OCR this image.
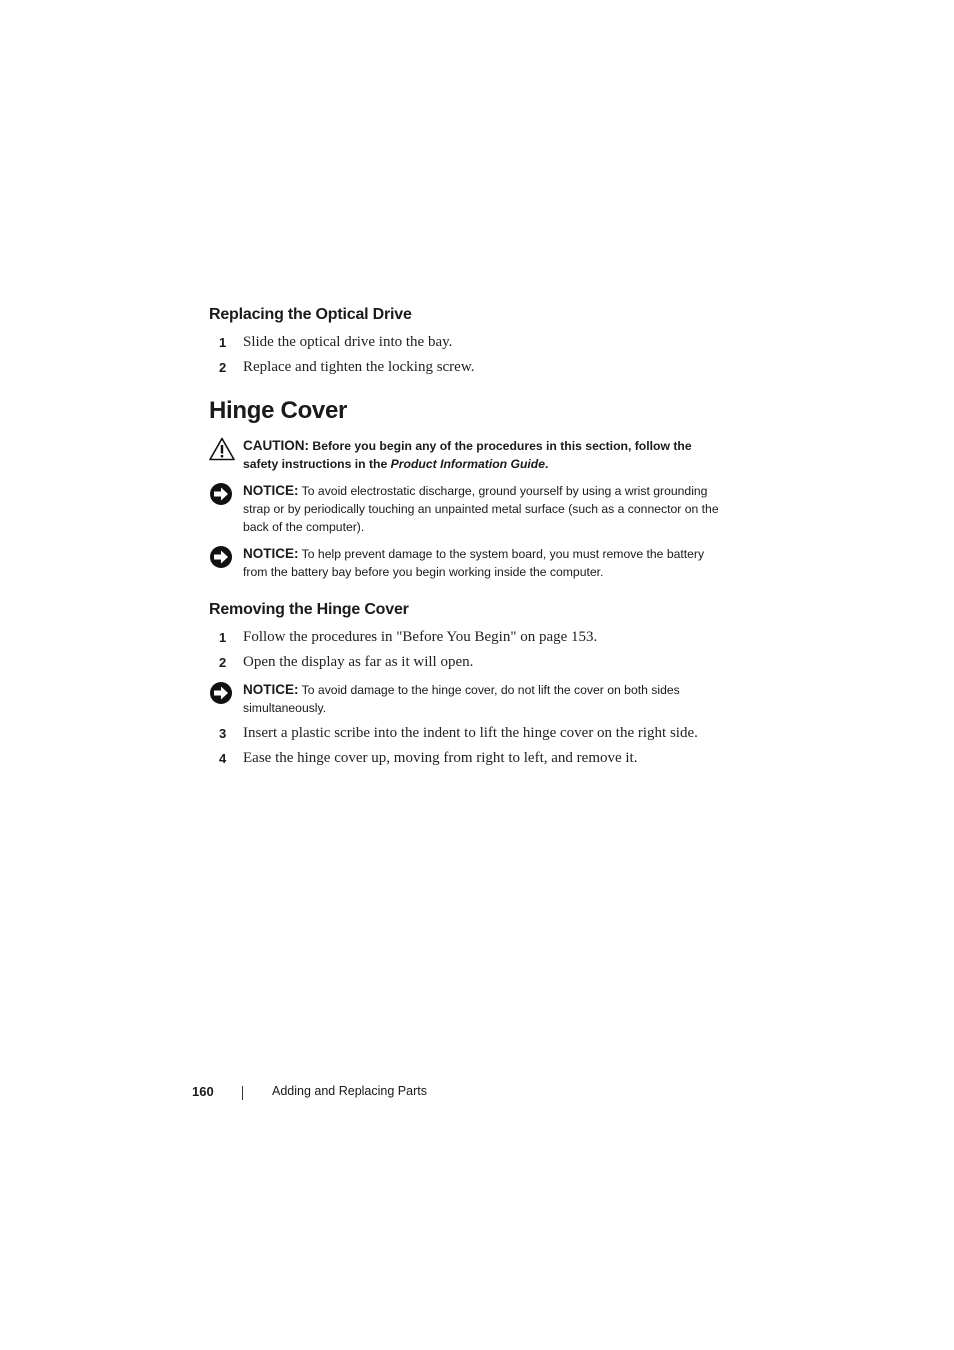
Replacing the Optical Drive
1 Slide the optical drive into the bay.
2 Replace and tighten the locking screw.
Hinge Cover
CAUTION: Before you begin any of the procedures in this section, follow the safety instructions in the Product Information Guide.
NOTICE: To avoid electrostatic discharge, ground yourself by using a wrist grounding strap or by periodically touching an unpainted metal surface (such as a connector on the back of the computer).
NOTICE: To help prevent damage to the system board, you must remove the battery from the battery bay before you begin working inside the computer.
Removing the Hinge Cover
1 Follow the procedures in "Before You Begin" on page 153.
2 Open the display as far as it will open.
NOTICE: To avoid damage to the hinge cover, do not lift the cover on both sides simultaneously.
3 Insert a plastic scribe into the indent to lift the hinge cover on the right side.
4 Ease the hinge cover up, moving from right to left, and remove it.
160	Adding and Replacing Parts
